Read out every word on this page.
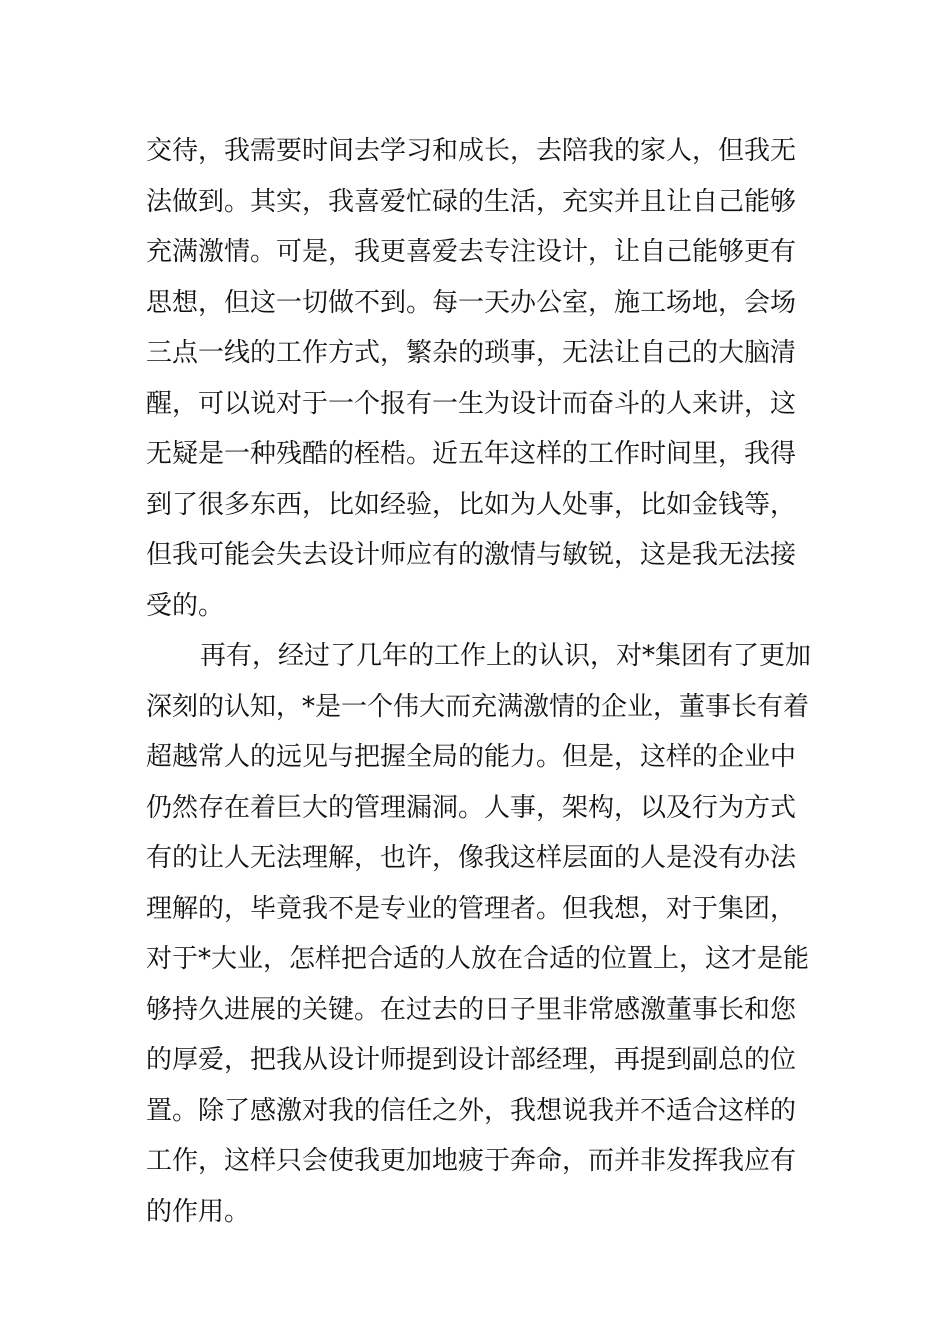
交待，我需要时间去学习和成长，去陪我的家人，但我无
法做到。其实，我喜爱忙碌的生活，充实并且让自己能够
充满激情。可是，我更喜爱去专注设计，让自己能够更有
思想，但这一切做不到。每一天办公室，施工场地，会场
三点一线的工作方式，繁杂的琐事，无法让自己的大脑清
醒，可以说对于一个报有一生为设计而奋斗的人来讲，这
无疑是一种残酷的桎梏。近五年这样的工作时间里，我得
到了很多东西，比如经验，比如为人处事，比如金钱等，
但我可能会失去设计师应有的激情与敏锐，这是我无法接
受的。
再有，经过了几年的工作上的认识，对*集团有了更加
深刻的认知，*是一个伟大而充满激情的企业，董事长有着
超越常人的远见与把握全局的能力。但是，这样的企业中
仍然存在着巨大的管理漏洞。人事，架构，以及行为方式
有的让人无法理解，也许，像我这样层面的人是没有办法
理解的，毕竟我不是专业的管理者。但我想，对于集团，
对于*大业，怎样把合适的人放在合适的位置上，这才是能
够持久进展的关键。在过去的日子里非常感激董事长和您
的厚爱，把我从设计师提到设计部经理，再提到副总的位
置。除了感激对我的信任之外，我想说我并不适合这样的
工作，这样只会使我更加地疲于奔命，而并非发挥我应有
的作用。
